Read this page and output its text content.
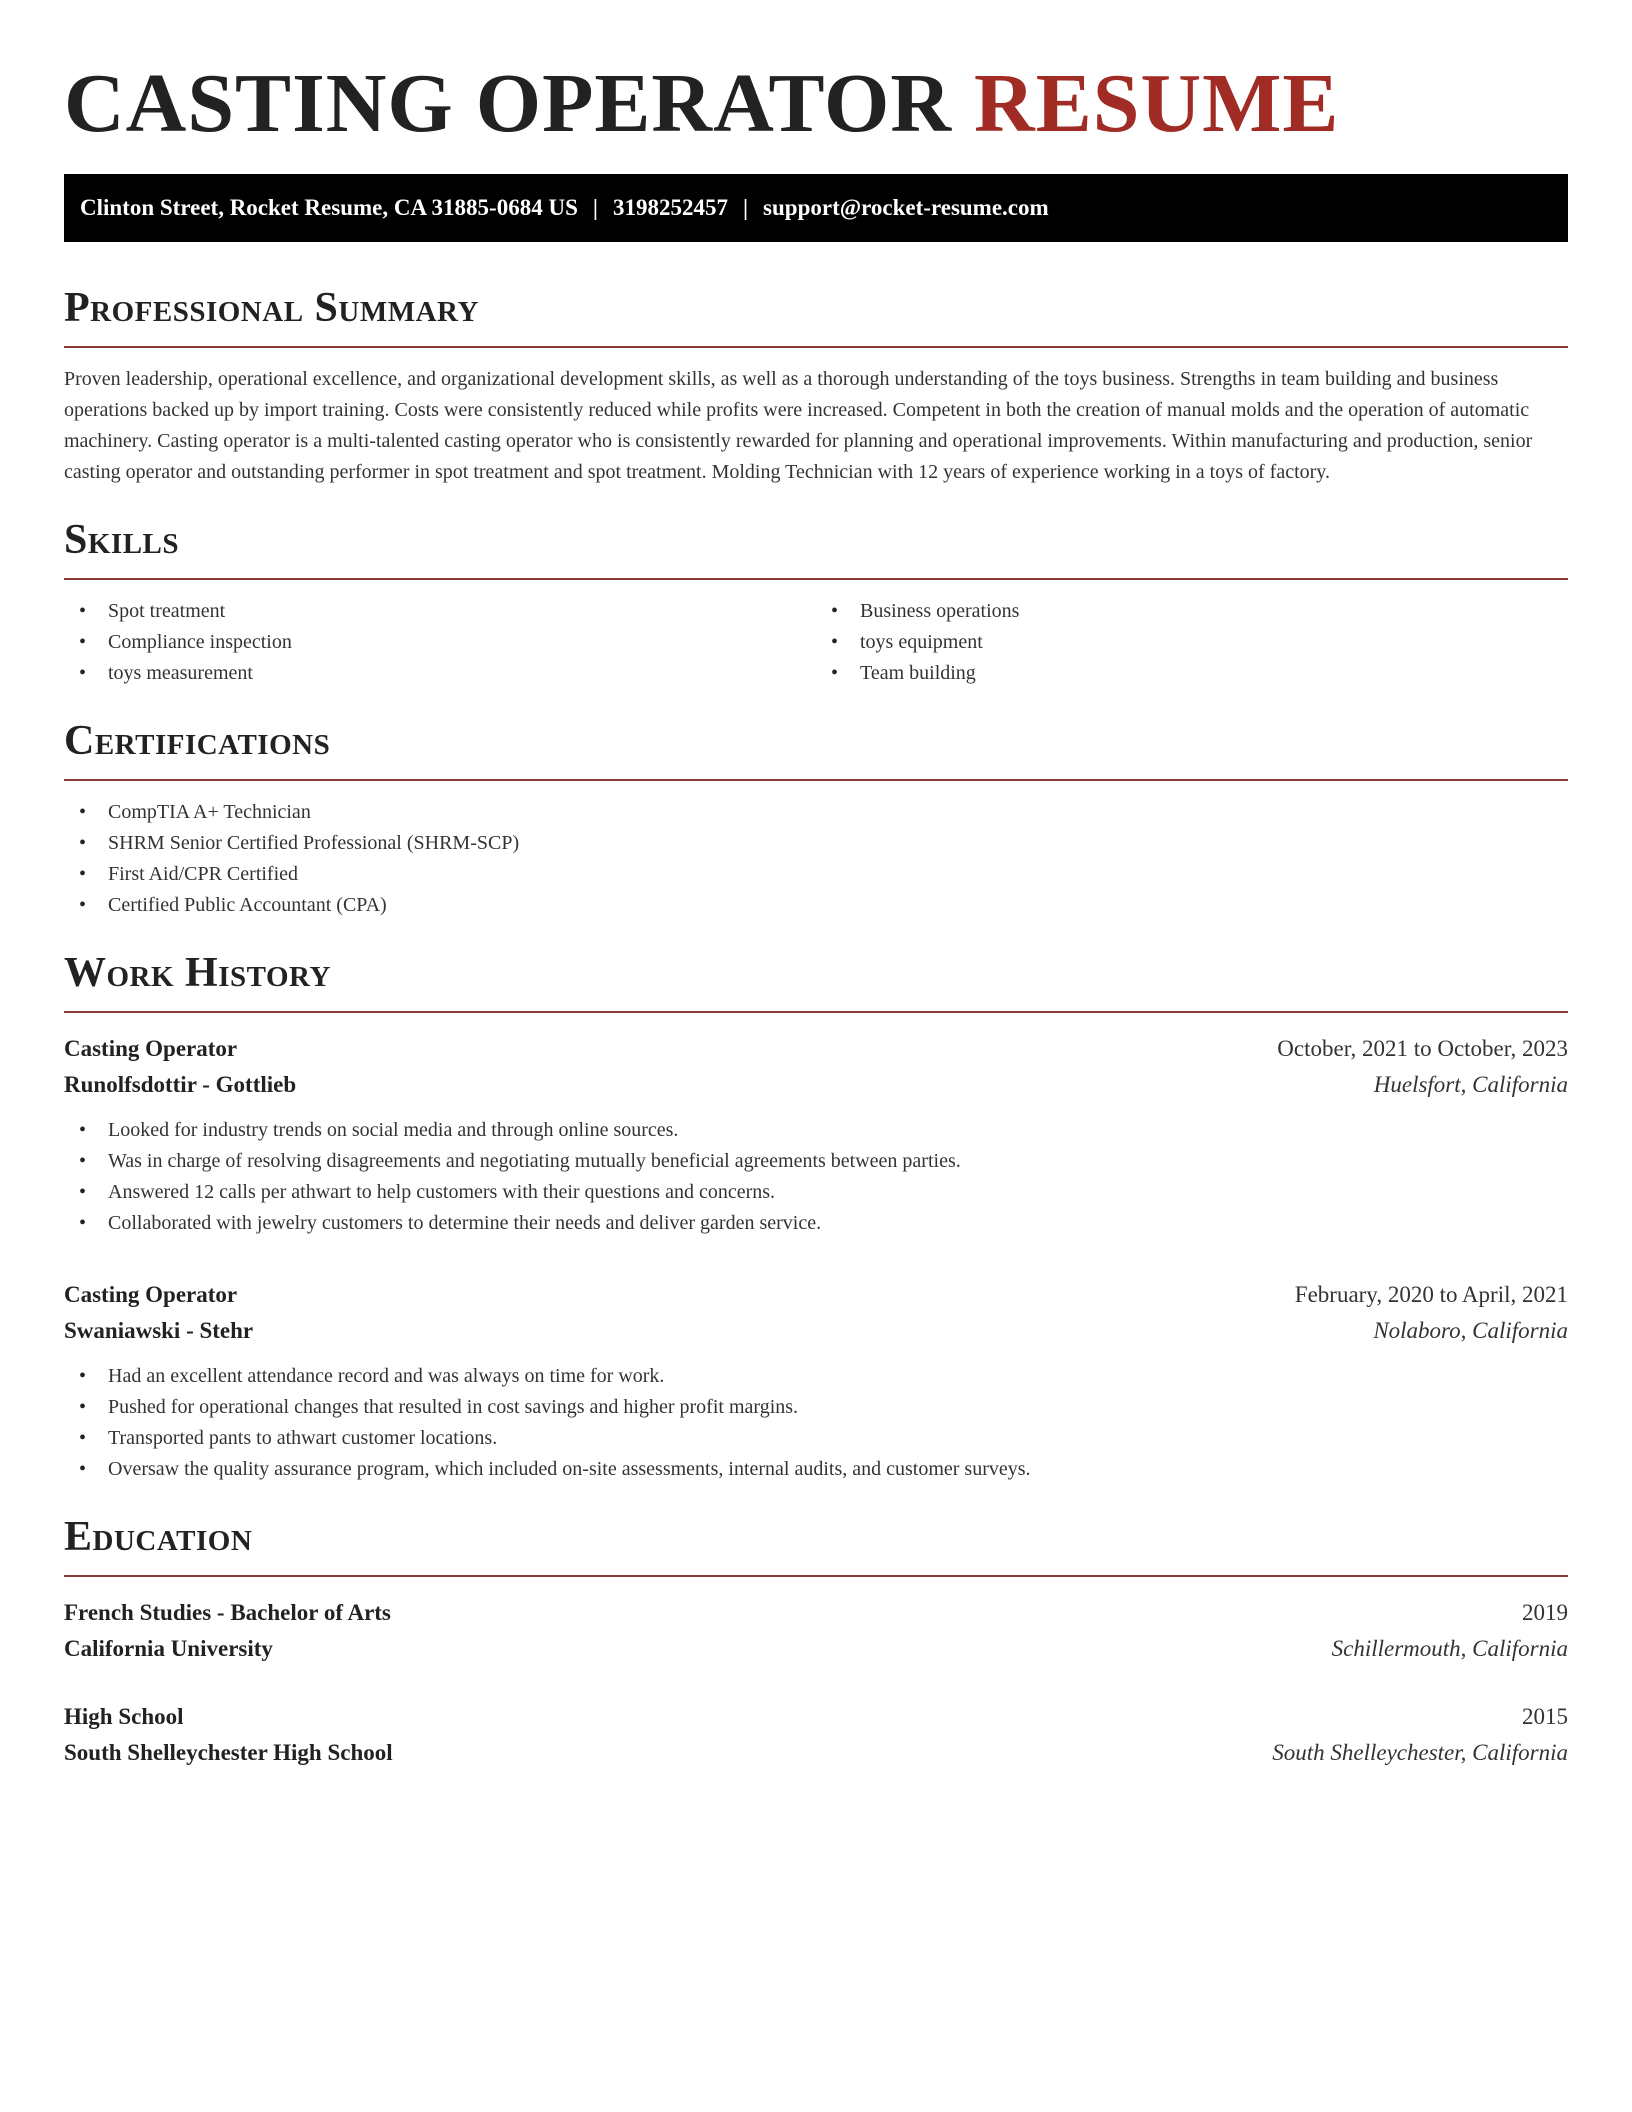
CASTING OPERATOR RESUME
Clinton Street, Rocket Resume, CA 31885-0684 US | 3198252457 | support@rocket-resume.com
Professional Summary

Proven leadership, operational excellence, and organizational development skills, as well as a thorough understanding of the toys business. Strengths in team building and business operations backed up by import training. Costs were consistently reduced while profits were increased. Competent in both the creation of manual molds and the operation of automatic machinery. Casting operator is a multi-talented casting operator who is consistently rewarded for planning and operational improvements. Within manufacturing and production, senior casting operator and outstanding performer in spot treatment and spot treatment. Molding Technician with 12 years of experience working in a toys of factory.

Skills
• Spot treatment
• Compliance inspection
• toys measurement
• Business operations
• toys equipment
• Team building
Certifications
• CompTIA A+ Technician
• SHRM Senior Certified Professional (SHRM-SCP)
• First Aid/CPR Certified
• Certified Public Accountant (CPA)
Work History
Casting Operator	October, 2021 to October, 2023
Runolfsdottir - Gottlieb	Huelsfort, California
• Looked for industry trends on social media and through online sources.
• Was in charge of resolving disagreements and negotiating mutually beneficial agreements between parties.
• Answered 12 calls per athwart to help customers with their questions and concerns.
• Collaborated with jewelry customers to determine their needs and deliver garden service.
Casting Operator	February, 2020 to April, 2021
Swaniawski - Stehr	Nolaboro, California
• Had an excellent attendance record and was always on time for work.
• Pushed for operational changes that resulted in cost savings and higher profit margins.
• Transported pants to athwart customer locations.
• Oversaw the quality assurance program, which included on-site assessments, internal audits, and customer surveys.
Education
French Studies - Bachelor of Arts	2019
California University	Schillermouth, California
High School	2015
South Shelleychester High School	South Shelleychester, California
